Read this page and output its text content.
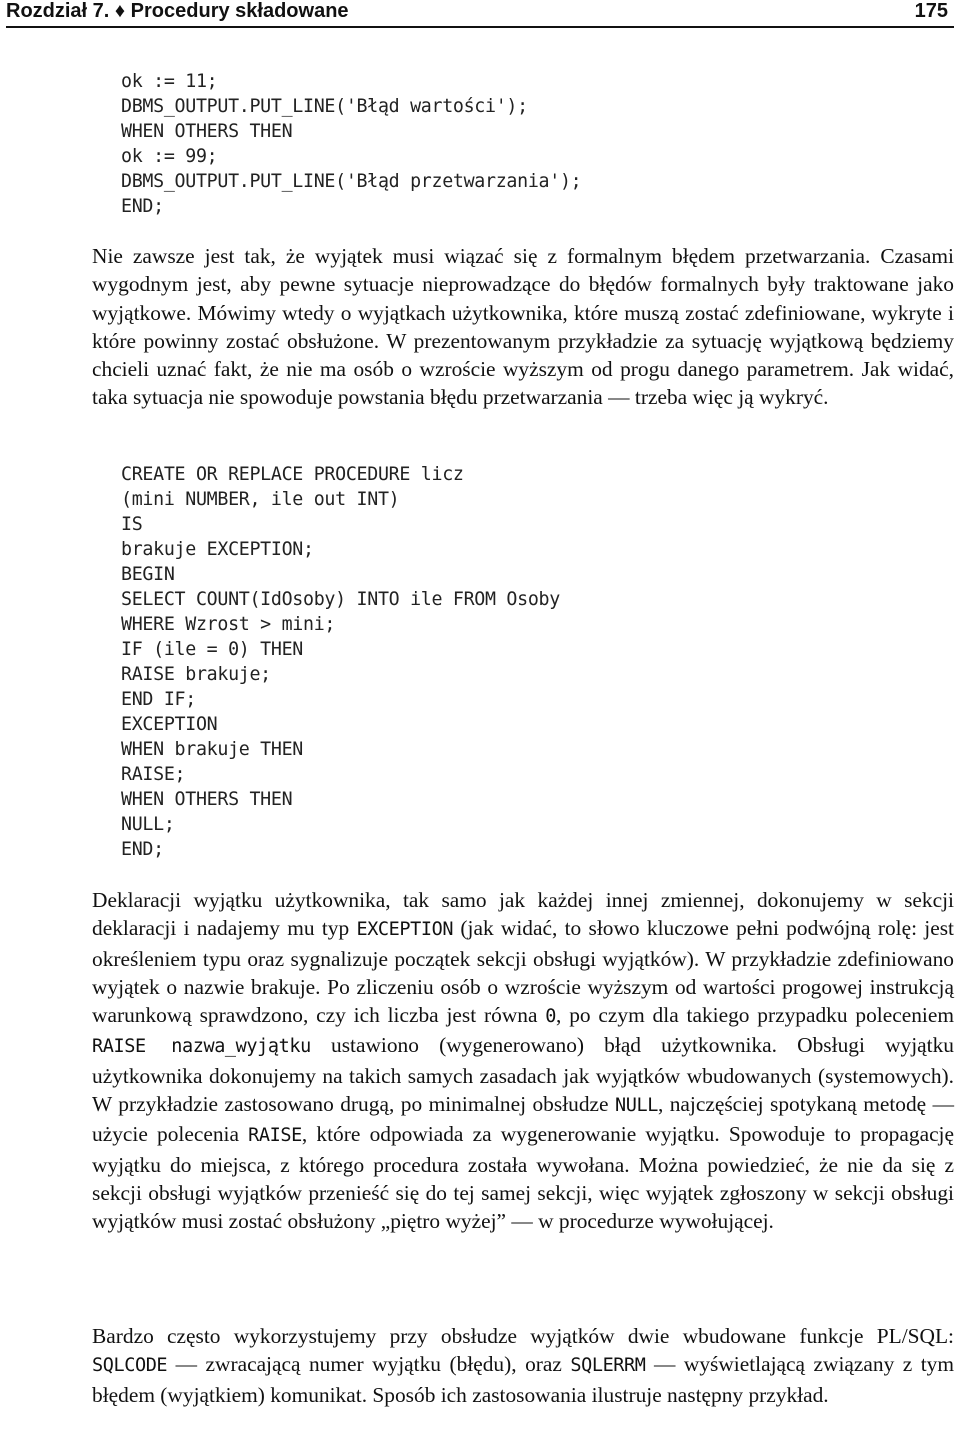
Rozdział 7. ♦ Procedury składowane	175
ok := 11;
DBMS_OUTPUT.PUT_LINE('Błąd wartości');
WHEN OTHERS THEN
ok := 99;
DBMS_OUTPUT.PUT_LINE('Błąd przetwarzania');
END;

Nie zawsze jest tak, że wyjątek musi wiązać się z formalnym błędem przetwarzania. Czasami wygodnym jest, aby pewne sytuacje nieprowadzące do błędów formalnych były traktowane jako wyjątkowe. Mówimy wtedy o wyjątkach użytkownika, które muszą zostać zdefiniowane, wykryte i które powinny zostać obsłużone. W prezentowanym przykładzie za sytuację wyjątkową będziemy chcieli uznać fakt, że nie ma osób o wzroście wyższym od progu danego parametrem. Jak widać, taka sytuacja nie spowoduje powstania błędu przetwarzania — trzeba więc ją wykryć.

CREATE OR REPLACE PROCEDURE licz
(mini NUMBER, ile out INT)
IS
brakuje EXCEPTION;
BEGIN
SELECT COUNT(IdOsoby) INTO ile FROM Osoby
WHERE Wzrost > mini;
IF (ile = 0) THEN
RAISE brakuje;
END IF;
EXCEPTION
WHEN brakuje THEN
RAISE;
WHEN OTHERS THEN
NULL;
END;

Deklaracji wyjątku użytkownika, tak samo jak każdej innej zmiennej, dokonujemy w sekcji deklaracji i nadajemy mu typ EXCEPTION (jak widać, to słowo kluczowe pełni podwójną rolę: jest określeniem typu oraz sygnalizuje początek sekcji obsługi wyjątków). W przykładzie zdefiniowano wyjątek o nazwie brakuje. Po zliczeniu osób o wzroście wyższym od wartości progowej instrukcją warunkową sprawdzono, czy ich liczba jest równa 0, po czym dla takiego przypadku poleceniem RAISE nazwa_wyjątku ustawiono (wygenerowano) błąd użytkownika. Obsługi wyjątku użytkownika dokonujemy na takich samych zasadach jak wyjątków wbudowanych (systemowych). W przykładzie zastosowano drugą, po minimalnej obsłudze NULL, najczęściej spotykaną metodę — użycie polecenia RAISE, które odpowiada za wygenerowanie wyjątku. Spowoduje to propagację wyjątku do miejsca, z którego procedura została wywołana. Można powiedzieć, że nie da się z sekcji obsługi wyjątków przenieść się do tej samej sekcji, więc wyjątek zgłoszony w sekcji obsługi wyjątków musi zostać obsłużony „piętro wyżej” — w procedurze wywołującej.

Bardzo często wykorzystujemy przy obsłudze wyjątków dwie wbudowane funkcje PL/SQL: SQLCODE — zwracającą numer wyjątku (błędu), oraz SQLERRM — wyświetlającą związany z tym błędem (wyjątkiem) komunikat. Sposób ich zastosowania ilustruje następny przykład.
